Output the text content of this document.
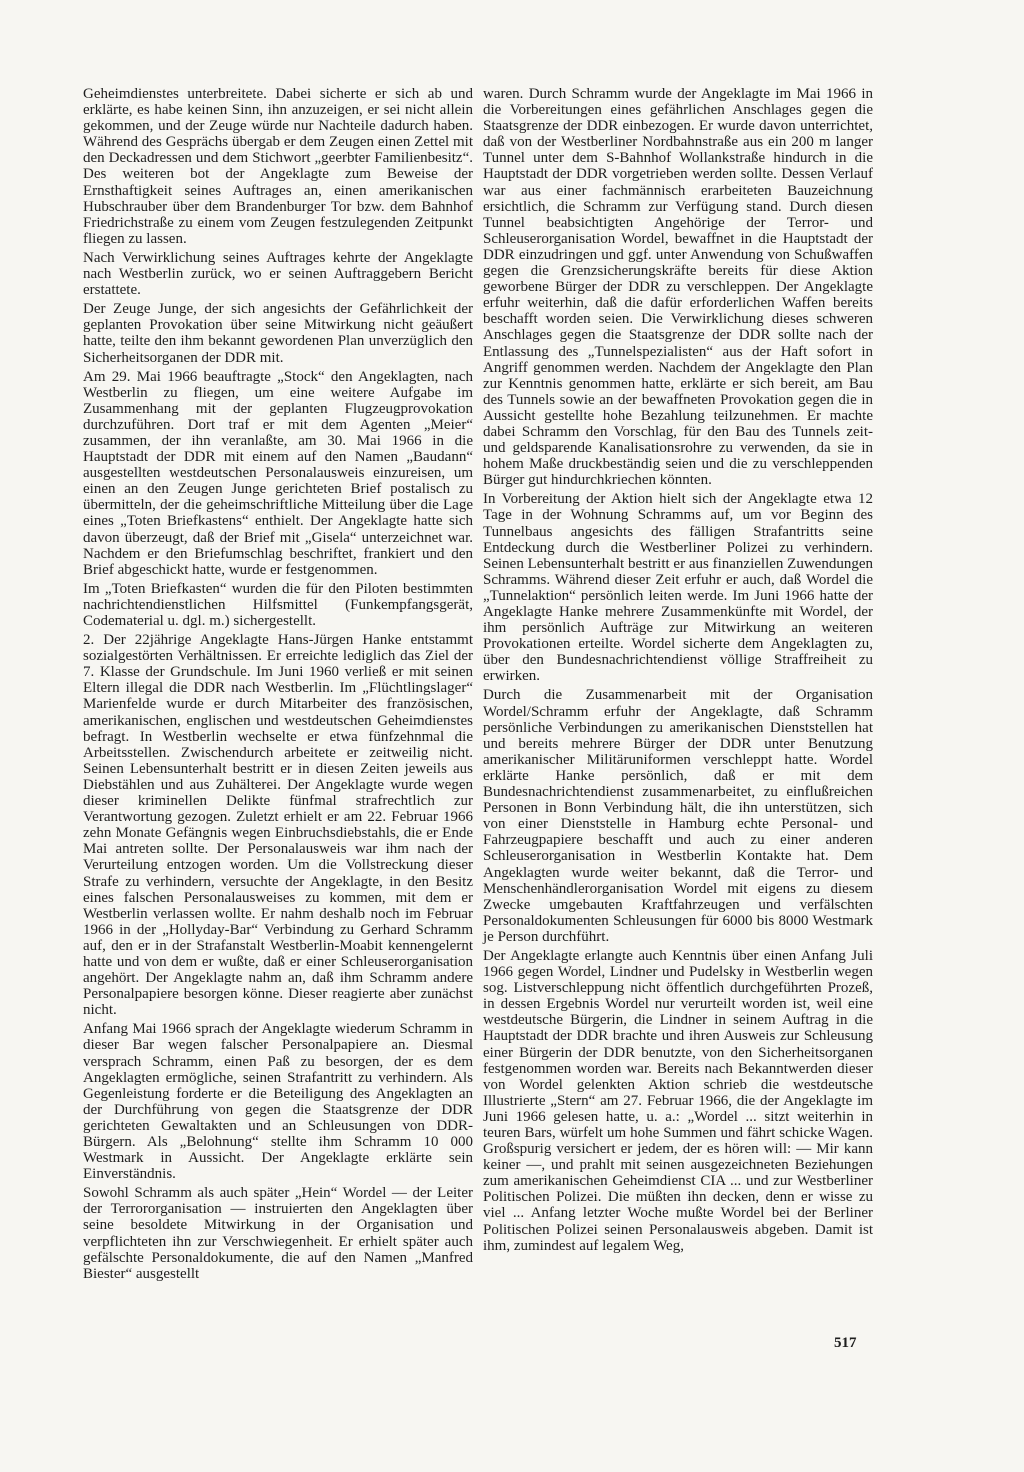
Geheimdienstes unterbreitete. Dabei sicherte er sich ab und erklärte, es habe keinen Sinn, ihn anzuzeigen, er sei nicht allein gekommen, und der Zeuge würde nur Nachteile dadurch haben. Während des Gesprächs übergab er dem Zeugen einen Zettel mit den Deckadressen und dem Stichwort „geerbter Familienbesitz“. Des weiteren bot der Angeklagte zum Beweise der Ernsthaftigkeit seines Auftrages an, einen amerikanischen Hubschrauber über dem Brandenburger Tor bzw. dem Bahnhof Friedrichstraße zu einem vom Zeugen festzulegenden Zeitpunkt fliegen zu lassen.

Nach Verwirklichung seines Auftrages kehrte der Angeklagte nach Westberlin zurück, wo er seinen Auftraggebern Bericht erstattete.

Der Zeuge Junge, der sich angesichts der Gefährlichkeit der geplanten Provokation über seine Mitwirkung nicht geäußert hatte, teilte den ihm bekannt gewordenen Plan unverzüglich den Sicherheitsorganen der DDR mit.

Am 29. Mai 1966 beauftragte „Stock“ den Angeklagten, nach Westberlin zu fliegen, um eine weitere Aufgabe im Zusammenhang mit der geplanten Flugzeugprovokation durchzuführen. Dort traf er mit dem Agenten „Meier“ zusammen, der ihn veranlaßte, am 30. Mai 1966 in die Hauptstadt der DDR mit einem auf den Namen „Baudann“ ausgestellten westdeutschen Personalausweis einzureisen, um einen an den Zeugen Junge gerichteten Brief postalisch zu übermitteln, der die geheimschriftliche Mitteilung über die Lage eines „Toten Briefkastens“ enthielt. Der Angeklagte hatte sich davon überzeugt, daß der Brief mit „Gisela“ unterzeichnet war. Nachdem er den Briefumschlag beschriftet, frankiert und den Brief abgeschickt hatte, wurde er festgenommen.

Im „Toten Briefkasten“ wurden die für den Piloten bestimmten nachrichtendienstlichen Hilfsmittel (Funkempfangsgerät, Codematerial u. dgl. m.) sichergestellt.

2. Der 22jährige Angeklagte Hans-Jürgen Hanke entstammt sozialgestörten Verhältnissen. Er erreichte lediglich das Ziel der 7. Klasse der Grundschule. Im Juni 1960 verließ er mit seinen Eltern illegal die DDR nach Westberlin. Im „Flüchtlingslager“ Marienfelde wurde er durch Mitarbeiter des französischen, amerikanischen, englischen und westdeutschen Geheimdienstes befragt. In Westberlin wechselte er etwa fünfzehnmal die Arbeitsstellen. Zwischendurch arbeitete er zeitweilig nicht. Seinen Lebensunterhalt bestritt er in diesen Zeiten jeweils aus Diebstählen und aus Zuhälterei. Der Angeklagte wurde wegen dieser kriminellen Delikte fünfmal strafrechtlich zur Verantwortung gezogen. Zuletzt erhielt er am 22. Februar 1966 zehn Monate Gefängnis wegen Einbruchsdiebstahls, die er Ende Mai antreten sollte. Der Personalausweis war ihm nach der Verurteilung entzogen worden. Um die Vollstreckung dieser Strafe zu verhindern, versuchte der Angeklagte, in den Besitz eines falschen Personalausweises zu kommen, mit dem er Westberlin verlassen wollte. Er nahm deshalb noch im Februar 1966 in der „Hollyday-Bar“ Verbindung zu Gerhard Schramm auf, den er in der Strafanstalt Westberlin-Moabit kennengelernt hatte und von dem er wußte, daß er einer Schleuserorganisation angehört. Der Angeklagte nahm an, daß ihm Schramm andere Personalpapiere besorgen könne. Dieser reagierte aber zunächst nicht.

Anfang Mai 1966 sprach der Angeklagte wiederum Schramm in dieser Bar wegen falscher Personalpapiere an. Diesmal versprach Schramm, einen Paß zu besorgen, der es dem Angeklagten ermögliche, seinen Strafantritt zu verhindern. Als Gegenleistung forderte er die Beteiligung des Angeklagten an der Durchführung von gegen die Staatsgrenze der DDR gerichteten Gewaltakten und an Schleusungen von DDR-Bürgern. Als „Belohnung“ stellte ihm Schramm 10 000 Westmark in Aussicht. Der Angeklagte erklärte sein Einverständnis.

Sowohl Schramm als auch später „Hein“ Wordel — der Leiter der Terrororganisation — instruierten den Angeklagten über seine besoldete Mitwirkung in der Organisation und verpflichteten ihn zur Verschwiegenheit. Er erhielt später auch gefälschte Personaldokumente, die auf den Namen „Manfred Biester“ ausgestellt

waren. Durch Schramm wurde der Angeklagte im Mai 1966 in die Vorbereitungen eines gefährlichen Anschlages gegen die Staatsgrenze der DDR einbezogen. Er wurde davon unterrichtet, daß von der Westberliner Nordbahnstraße aus ein 200 m langer Tunnel unter dem S-Bahnhof Wollankstraße hindurch in die Hauptstadt der DDR vorgetrieben werden sollte. Dessen Verlauf war aus einer fachmännisch erarbeiteten Bauzeichnung ersichtlich, die Schramm zur Verfügung stand. Durch diesen Tunnel beabsichtigten Angehörige der Terror- und Schleuserorganisation Wordel, bewaffnet in die Hauptstadt der DDR einzudringen und ggf. unter Anwendung von Schußwaffen gegen die Grenzsicherungskräfte bereits für diese Aktion geworbene Bürger der DDR zu verschleppen. Der Angeklagte erfuhr weiterhin, daß die dafür erforderlichen Waffen bereits beschafft worden seien. Die Verwirklichung dieses schweren Anschlages gegen die Staatsgrenze der DDR sollte nach der Entlassung des „Tunnelspezialisten“ aus der Haft sofort in Angriff genommen werden. Nachdem der Angeklagte den Plan zur Kenntnis genommen hatte, erklärte er sich bereit, am Bau des Tunnels sowie an der bewaffneten Provokation gegen die in Aussicht gestellte hohe Bezahlung teilzunehmen. Er machte dabei Schramm den Vorschlag, für den Bau des Tunnels zeit- und geldsparende Kanalisationsrohre zu verwenden, da sie in hohem Maße druckbeständig seien und die zu verschleppenden Bürger gut hindurchkriechen könnten.

In Vorbereitung der Aktion hielt sich der Angeklagte etwa 12 Tage in der Wohnung Schramms auf, um vor Beginn des Tunnelbaus angesichts des fälligen Strafantritts seine Entdeckung durch die Westberliner Polizei zu verhindern. Seinen Lebensunterhalt bestritt er aus finanziellen Zuwendungen Schramms. Während dieser Zeit erfuhr er auch, daß Wordel die „Tunnelaktion“ persönlich leiten werde. Im Juni 1966 hatte der Angeklagte Hanke mehrere Zusammenkünfte mit Wordel, der ihm persönlich Aufträge zur Mitwirkung an weiteren Provokationen erteilte. Wordel sicherte dem Angeklagten zu, über den Bundesnachrichtendienst völlige Straffreiheit zu erwirken.

Durch die Zusammenarbeit mit der Organisation Wordel/Schramm erfuhr der Angeklagte, daß Schramm persönliche Verbindungen zu amerikanischen Dienststellen hat und bereits mehrere Bürger der DDR unter Benutzung amerikanischer Militäruniformen verschleppt hatte. Wordel erklärte Hanke persönlich, daß er mit dem Bundesnachrichtendienst zusammenarbeitet, zu einflußreichen Personen in Bonn Verbindung hält, die ihn unterstützen, sich von einer Dienststelle in Hamburg echte Personal- und Fahrzeugpapiere beschafft und auch zu einer anderen Schleuserorganisation in Westberlin Kontakte hat. Dem Angeklagten wurde weiter bekannt, daß die Terror- und Menschenhändlerorganisation Wordel mit eigens zu diesem Zwecke umgebauten Kraftfahrzeugen und verfälschten Personaldokumenten Schleusungen für 6000 bis 8000 Westmark je Person durchführt.

Der Angeklagte erlangte auch Kenntnis über einen Anfang Juli 1966 gegen Wordel, Lindner und Pudelsky in Westberlin wegen sog. Listverschleppung nicht öffentlich durchgeführten Prozeß, in dessen Ergebnis Wordel nur verurteilt worden ist, weil eine westdeutsche Bürgerin, die Lindner in seinem Auftrag in die Hauptstadt der DDR brachte und ihren Ausweis zur Schleusung einer Bürgerin der DDR benutzte, von den Sicherheitsorganen festgenommen worden war. Bereits nach Bekanntwerden dieser von Wordel gelenkten Aktion schrieb die westdeutsche Illustrierte „Stern“ am 27. Februar 1966, die der Angeklagte im Juni 1966 gelesen hatte, u. a.: „Wordel ... sitzt weiterhin in teuren Bars, würfelt um hohe Summen und fährt schicke Wagen. Großspurig versichert er jedem, der es hören will: — Mir kann keiner —, und prahlt mit seinen ausgezeichneten Beziehungen zum amerikanischen Geheimdienst CIA ... und zur Westberliner Politischen Polizei. Die müßten ihn decken, denn er wisse zu viel ... Anfang letzter Woche mußte Wordel bei der Berliner Politischen Polizei seinen Personalausweis abgeben. Damit ist ihm, zumindest auf legalem Weg,

517
